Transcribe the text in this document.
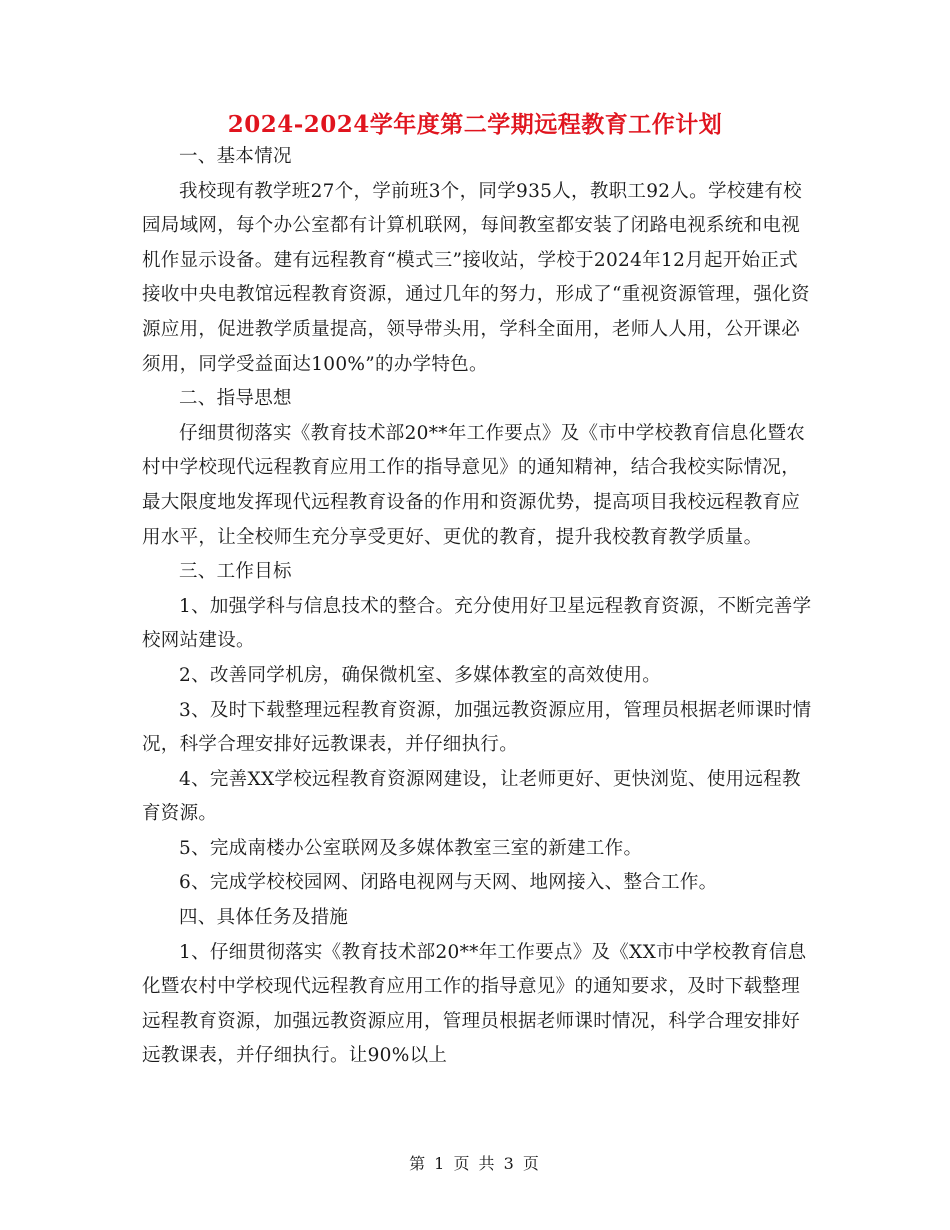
2024-2024学年度第二学期远程教育工作计划

一、基本情况

我校现有教学班27个，学前班3个，同学935人，教职工92人。学校建有校园局域网，每个办公室都有计算机联网，每间教室都安装了闭路电视系统和电视机作显示设备。建有远程教育“模式三”接收站，学校于2024年12月起开始正式接收中央电教馆远程教育资源，通过几年的努力，形成了“重视资源管理，强化资源应用，促进教学质量提高，领导带头用，学科全面用，老师人人用，公开课必须用，同学受益面达100%”的办学特色。

二、指导思想

仔细贯彻落实《教育技术部20**年工作要点》及《市中学校教育信息化暨农村中学校现代远程教育应用工作的指导意见》的通知精神，结合我校实际情况，最大限度地发挥现代远程教育设备的作用和资源优势，提高项目我校远程教育应用水平，让全校师生充分享受更好、更优的教育，提升我校教育教学质量。

三、工作目标

1、加强学科与信息技术的整合。充分使用好卫星远程教育资源，不断完善学校网站建设。

2、改善同学机房，确保微机室、多媒体教室的高效使用。

3、及时下载整理远程教育资源，加强远教资源应用，管理员根据老师课时情况，科学合理安排好远教课表，并仔细执行。

4、完善XX学校远程教育资源网建设，让老师更好、更快浏览、使用远程教育资源。

5、完成南楼办公室联网及多媒体教室三室的新建工作。

6、完成学校校园网、闭路电视网与天网、地网接入、整合工作。

四、具体任务及措施

1、仔细贯彻落实《教育技术部20**年工作要点》及《XX市中学校教育信息化暨农村中学校现代远程教育应用工作的指导意见》的通知要求，及时下载整理远程教育资源，加强远教资源应用，管理员根据老师课时情况，科学合理安排好远教课表，并仔细执行。让90%以上

第 1 页 共 3 页
